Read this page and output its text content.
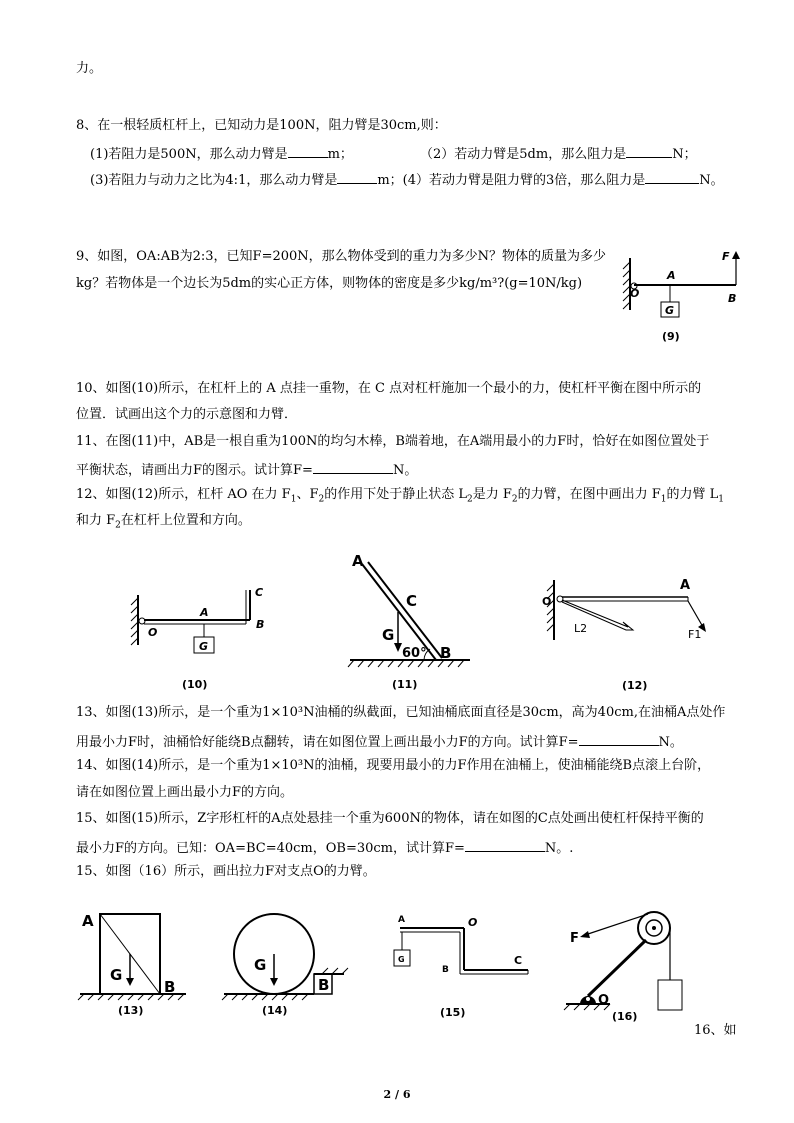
力。
8、在一根轻质杠杆上，已知动力是100N，阻力臂是30cm,则：
(1)若阻力是500N，那么动力臂是	m；	（2）若动力臂是5dm，那么阻力是	N；
(3)若阻力与动力之比为4:1，那么动力臂是	m；(4）若动力臂是阻力臂的3倍，那么阻力是	N。
9、如图，OA:AB为2:3，已知F=200N，那么物体受到的重力为多少N？物体的质量为多少
kg？若物体是一个边长为5dm的实心正方体，则物体的密度是多少kg/m³?(g=10N/kg)
10、如图(10)所示，在杠杆上的 A 点挂一重物，在 C 点对杠杆施加一个最小的力，使杠杆平衡在图中所示的
位置．试画出这个力的示意图和力臂．
11、在图(11)中，AB是一根自重为100N的均匀木棒，B端着地，在A端用最小的力F时，恰好在如图位置处于
平衡状态，请画出力F的图示。试计算F=	N。
12、如图(12)所示，杠杆 AO 在力 $F_1$、$F_2$的作用下处于静止状态 $L_2$是力 $F_2$的力臂，在图中画出力 $F_1$的力臂 $L_1$
和力 $F_2$在杠杆上位置和方向。
13、如图(13)所示，是一个重为1×10³N油桶的纵截面，已知油桶底面直径是30cm，高为40cm,在油桶A点处作
用最小力F时，油桶恰好能绕B点翻转，请在如图位置上画出最小力F的方向。试计算F=	N。
14、如图(14)所示，是一个重为1×10³N的油桶，现要用最小的力F作用在油桶上，使油桶能绕B点滚上台阶，
请在如图位置上画出最小力F的方向。
15、如图(15)所示，Z字形杠杆的A点处悬挂一个重为600N的物体，请在如图的C点处画出使杠杆保持平衡的
最小力F的方向。已知：OA=BC=40cm，OB=30cm，试计算F=	N。.
15、如图（16）所示，画出拉力F对支点O的力臂。
O
A
B
F
G
(9)
O
A
B
C
G
(10)
A
B
C
G
60°
(11)
O
A
L2	F1
(12)
A
B
G
(13)
G
B
(14)
A	O
B
C
G
(15)
F
O
(16)
16、如
2 / 6
